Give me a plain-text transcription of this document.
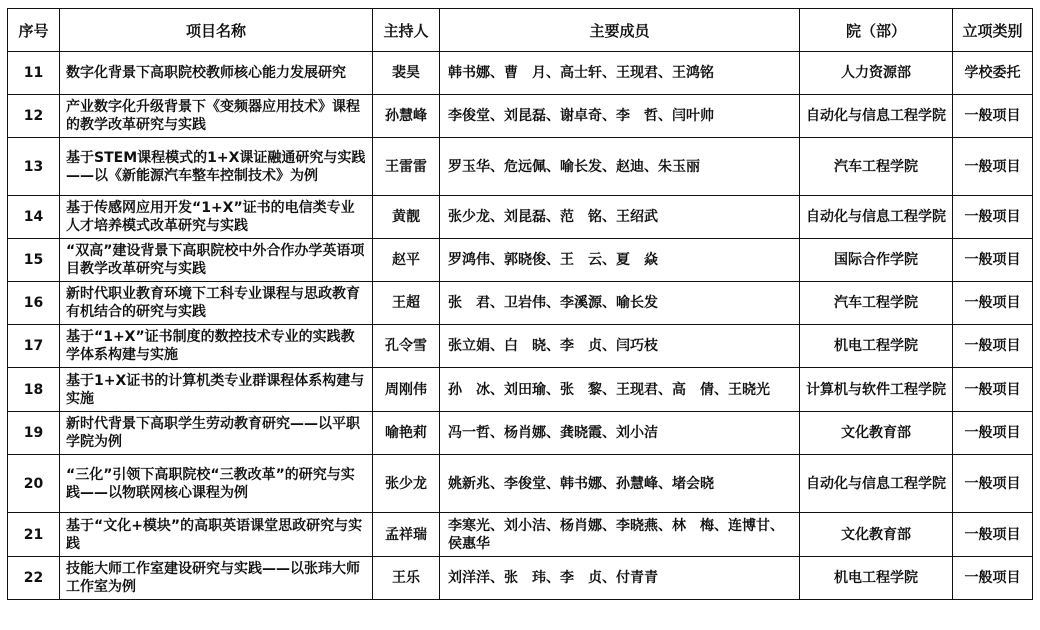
序号	项目名称	主持人	主要成员	院（部）	立项类别
11	数字化背景下高职院校教师核心能力发展研究	裴昊	韩书娜、曹　月、高士轩、王现君、王鸿铭	人力资源部	学校委托
12	产业数字化升级背景下《变频器应用技术》课程的教学改革研究与实践	孙慧峰	李俊堂、刘昆磊、谢卓奇、李　哲、闫叶帅	自动化与信息工程学院	一般项目
13	基于STEM课程模式的1+X课证融通研究与实践——以《新能源汽车整车控制技术》为例	王雷雷	罗玉华、危远佩、喻长发、赵迪、朱玉丽	汽车工程学院	一般项目
14	基于传感网应用开发“1+X”证书的电信类专业人才培养模式改革研究与实践	黄靓	张少龙、刘昆磊、范　铭、王绍武	自动化与信息工程学院	一般项目
15	“双高”建设背景下高职院校中外合作办学英语项目教学改革研究与实践	赵平	罗鸿伟、郭晓俊、王　云、夏　焱	国际合作学院	一般项目
16	新时代职业教育环境下工科专业课程与思政教育有机结合的研究与实践	王超	张　君、卫岩伟、李溪源、喻长发	汽车工程学院	一般项目
17	基于“1+X”证书制度的数控技术专业的实践教学体系构建与实施	孔令雪	张立娟、白　晓、李　贞、闫巧枝	机电工程学院	一般项目
18	基于1+X证书的计算机类专业群课程体系构建与实施	周刚伟	孙　冰、刘田瑜、张　黎、王现君、高　倩、王晓光	计算机与软件工程学院	一般项目
19	新时代背景下高职学生劳动教育研究——以平职学院为例	喻艳莉	冯一哲、杨肖娜、龚晓霞、刘小洁	文化教育部	一般项目
20	“三化”引领下高职院校“三教改革”的研究与实践——以物联网核心课程为例	张少龙	姚新兆、李俊堂、韩书娜、孙慧峰、堵会晓	自动化与信息工程学院	一般项目
21	基于“文化+模块”的高职英语课堂思政研究与实践	孟祥瑞	李寒光、刘小洁、杨肖娜、李晓燕、林　梅、连博甘、侯惠华	文化教育部	一般项目
22	技能大师工作室建设研究与实践——以张玮大师工作室为例	王乐	刘洋洋、张　玮、李　贞、付青青	机电工程学院	一般项目
